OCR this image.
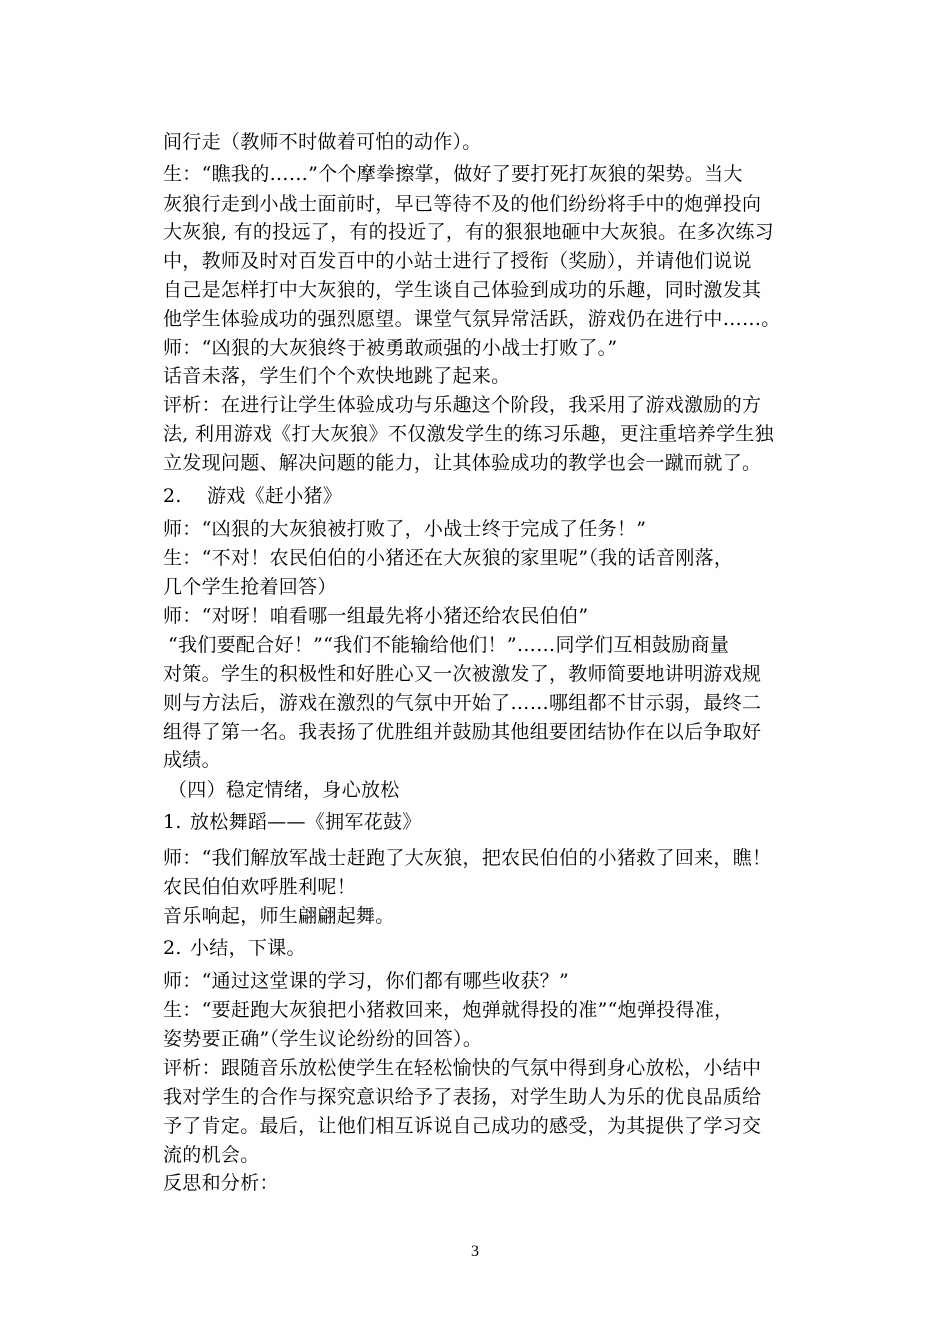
间行走（教师不时做着可怕的动作）。
生：“瞧我的……”个个摩拳擦掌，做好了要打死打灰狼的架势。当大
灰狼行走到小战士面前时，早已等待不及的他们纷纷将手中的炮弹投向
大灰狼, 有的投远了，有的投近了，有的狠狠地砸中大灰狼。在多次练习
中，教师及时对百发百中的小站士进行了授衔（奖励），并请他们说说
自己是怎样打中大灰狼的，学生谈自己体验到成功的乐趣，同时激发其
他学生体验成功的强烈愿望。课堂气氛异常活跃，游戏仍在进行中……。
师：“凶狠的大灰狼终于被勇敢顽强的小战士打败了。”
话音未落，学生们个个欢快地跳了起来。
评析：在进行让学生体验成功与乐趣这个阶段，我采用了游戏激励的方
法, 利用游戏《打大灰狼》不仅激发学生的练习乐趣，更注重培养学生独
立发现问题、解决问题的能力，让其体验成功的教学也会一蹴而就了。
2. 游戏《赶小猪》
师：“凶狠的大灰狼被打败了，小战士终于完成了任务！”
生：“不对！农民伯伯的小猪还在大灰狼的家里呢”（我的话音刚落，
几个学生抢着回答）
师：“对呀！咱看哪一组最先将小猪还给农民伯伯”
“我们要配合好！”“我们不能输给他们！”……同学们互相鼓励商量
对策。学生的积极性和好胜心又一次被激发了，教师简要地讲明游戏规
则与方法后，游戏在激烈的气氛中开始了……哪组都不甘示弱，最终二
组得了第一名。我表扬了优胜组并鼓励其他组要团结协作在以后争取好
成绩。
（四）稳定情绪，身心放松
1. 放松舞蹈——《拥军花鼓》
师：“我们解放军战士赶跑了大灰狼，把农民伯伯的小猪救了回来，瞧！
农民伯伯欢呼胜利呢！
音乐响起，师生翩翩起舞。
2. 小结，下课。
师：“通过这堂课的学习，你们都有哪些收获？”
生：“要赶跑大灰狼把小猪救回来，炮弹就得投的准”“炮弹投得准，
姿势要正确”（学生议论纷纷的回答）。
评析：跟随音乐放松使学生在轻松愉快的气氛中得到身心放松，小结中
我对学生的合作与探究意识给予了表扬，对学生助人为乐的优良品质给
予了肯定。最后，让他们相互诉说自己成功的感受，为其提供了学习交
流的机会。
反思和分析：
3
